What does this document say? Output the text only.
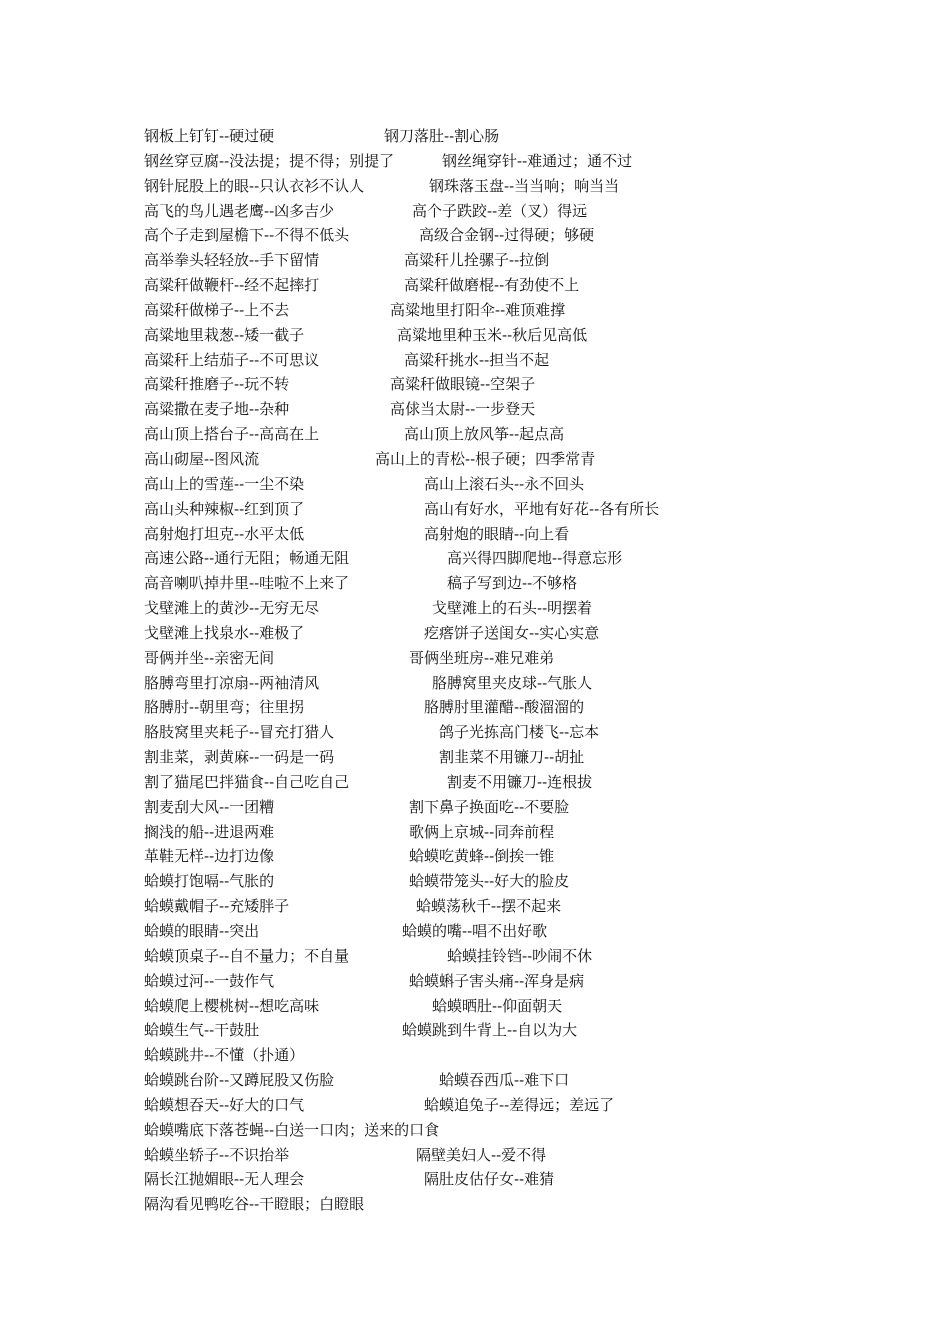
钢板上钉钉--硬过硬	钢刀落肚--割心肠
钢丝穿豆腐--没法提；提不得；别提了	钢丝绳穿针--难通过；通不过
钢针屁股上的眼--只认衣衫不认人	钢珠落玉盘--当当响；响当当
高飞的鸟儿遇老鹰--凶多吉少	高个子跌跤--差（叉）得远
高个子走到屋檐下--不得不低头	高级合金钢--过得硬；够硬
高举拳头轻轻放--手下留情	高粱秆儿拴骡子--拉倒
高粱秆做鞭杆--经不起摔打	高粱秆做磨棍--有劲使不上
高粱秆做梯子--上不去	高粱地里打阳伞--难顶难撑
高粱地里栽葱--矮一截子	高粱地里种玉米--秋后见高低
高粱秆上结茄子--不可思议	高粱秆挑水--担当不起
高粱秆推磨子--玩不转	高粱秆做眼镜--空架子
高粱撒在麦子地--杂种	高俅当太尉--一步登天
高山顶上搭台子--高高在上	高山顶上放风筝--起点高
高山砌屋--图风流	高山上的青松--根子硬；四季常青
高山上的雪莲--一尘不染	高山上滚石头--永不回头
高山头种辣椒--红到顶了	高山有好水，平地有好花--各有所长
高射炮打坦克--水平太低	高射炮的眼睛--向上看
高速公路--通行无阻；畅通无阻	高兴得四脚爬地--得意忘形
高音喇叭掉井里--哇啦不上来了	稿子写到边--不够格
戈壁滩上的黄沙--无穷无尽	戈壁滩上的石头--明摆着
戈壁滩上找泉水--难极了	疙瘩饼子送闺女--实心实意
哥俩并坐--亲密无间	哥俩坐班房--难兄难弟
胳膊弯里打凉扇--两袖清风	胳膊窝里夹皮球--气胀人
胳膊肘--朝里弯；往里拐	胳膊肘里灌醋--酸溜溜的
胳肢窝里夹耗子--冒充打猎人	鸽子光拣高门楼飞--忘本
割韭菜，剥黄麻--一码是一码	割韭菜不用镰刀--胡扯
割了猫尾巴拌猫食--自己吃自己	割麦不用镰刀--连根拔
割麦刮大风--一团糟	割下鼻子换面吃--不要脸
搁浅的船--进退两难	歌俩上京城--同奔前程
革鞋无样--边打边像	蛤蟆吃黄蜂--倒挨一锥
蛤蟆打饱嗝--气胀的	蛤蟆带笼头--好大的脸皮
蛤蟆戴帽子--充矮胖子	蛤蟆荡秋千--摆不起来
蛤蟆的眼睛--突出	蛤蟆的嘴--唱不出好歌
蛤蟆顶桌子--自不量力；不自量	蛤蟆挂铃铛--吵闹不休
蛤蟆过河--一鼓作气	蛤蟆蝌子害头痛--浑身是病
蛤蟆爬上樱桃树--想吃高味	蛤蟆晒肚--仰面朝天
蛤蟆生气--干鼓肚	蛤蟆跳到牛背上--自以为大
蛤蟆跳井--不懂（扑通）
蛤蟆跳台阶--又蹲屁股又伤脸	蛤蟆吞西瓜--难下口
蛤蟆想吞天--好大的口气	蛤蟆追兔子--差得远；差远了
蛤蟆嘴底下落苍蝇--白送一口肉；送来的口食
蛤蟆坐轿子--不识抬举	隔壁美妇人--爱不得
隔长江抛媚眼--无人理会	隔肚皮估仔女--难猜
隔沟看见鸭吃谷--干瞪眼；白瞪眼
